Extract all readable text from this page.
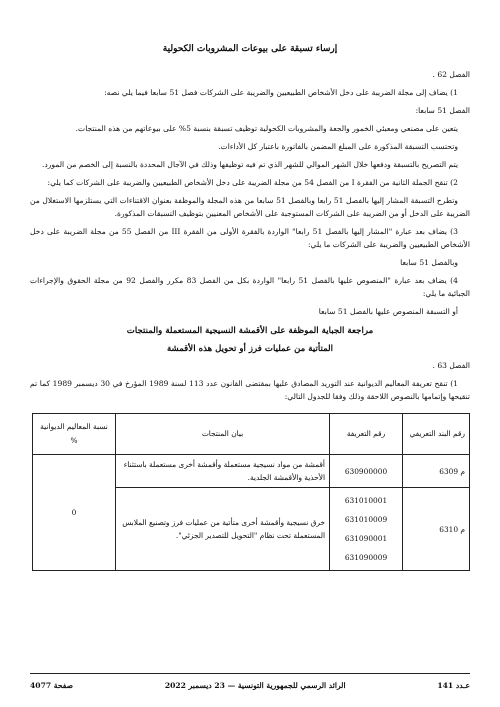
إرساء تسبقة على بيوعات المشروبات الكحولية

الفصل 62 .

1) يضاف إلى مجلة الضريبة على دخل الأشخاص الطبيعيين والضريبة على الشركات فصل 51 سابعا فيما يلي نصه:

الفصل 51 سابعا:

يتعين على مصنعي ومعبئي الخمور والجعة والمشروبات الكحولية توظيف تسبقة بنسبة 5% على بيوعاتهم من هذه المنتجات.

وتحتسب التسبقة المذكورة على المبلغ المضمن بالفاتورة باعتبار كل الأداءات.

يتم التصريح بالتسبقة ودفعها خلال الشهر الموالي للشهر الذي تم فيه توظيفها وذلك في الآجال المحددة بالنسبة إلى الخصم من المورد.

2) تنقح الجملة الثانية من الفقرة I من الفصل 54 من مجلة الضريبة على دخل الأشخاص الطبيعيين والضريبة على الشركات كما يلي:

وتطرح التسبقة المشار إليها بالفصل 51 رابعا وبالفصل 51 سابعا من هذه المجلة والموظفة بعنوان الاقتناءات التي يستلزمها الاستغلال من الضريبة على الدخل أو من الضريبة على الشركات المستوجبة على الأشخاص المعنيين بتوظيف التسبقات المذكورة.

3) يضاف بعد عبارة "المشار إليها بالفصل 51 رابعا" الواردة بالفقرة الأولى من الفقرة III من الفصل 55 من مجلة الضريبة على دخل الأشخاص الطبيعيين والضريبة على الشركات ما يلي:

وبالفصل 51 سابعا

4) يضاف بعد عبارة "المنصوص عليها بالفصل 51 رابعا" الواردة بكل من الفصل 83 مكرر والفصل 92 من مجلة الحقوق والإجراءات الجبائية ما يلي:

أو التسبقة المنصوص عليها بالفصل 51 سابعا

مراجعة الجباية الموظفة على الأقمشة النسيجية المستعملة والمنتجات
المتأتية من عمليات فرز أو تحويل هذه الأقمشة

الفصل 63 .

1) تنقح تعريفة المعاليم الديوانية عند التوريد المصادق عليها بمقتضى القانون عدد 113 لسنة 1989 المؤرخ في 30 ديسمبر 1989 كما تم تنقيحها وإتمامها بالنصوص اللاحقة وذلك وفقا للجدول التالي:

رقم البند التعريفي	رقم التعريفة	بيان المنتجات	نسبة المعاليم الديوانية %
م 6309	630900000	أقمشة من مواد نسيجية مستعملة وأقمشة أخرى مستعملة باستثناء الأحذية والأقمشة الجلدية.	0
م 6310	631010001
631010009
631090001
631090009	خرق نسيجية وأقمشة أخرى متأتية من عمليات فرز وتصنيع الملابس المستعملة تحت نظام "التحويل للتصدير الجزئي".	
عـدد 141
الرائد الرسمي للجمهورية التونسية — 23 ديسمبر 2022
صفحة 4077
